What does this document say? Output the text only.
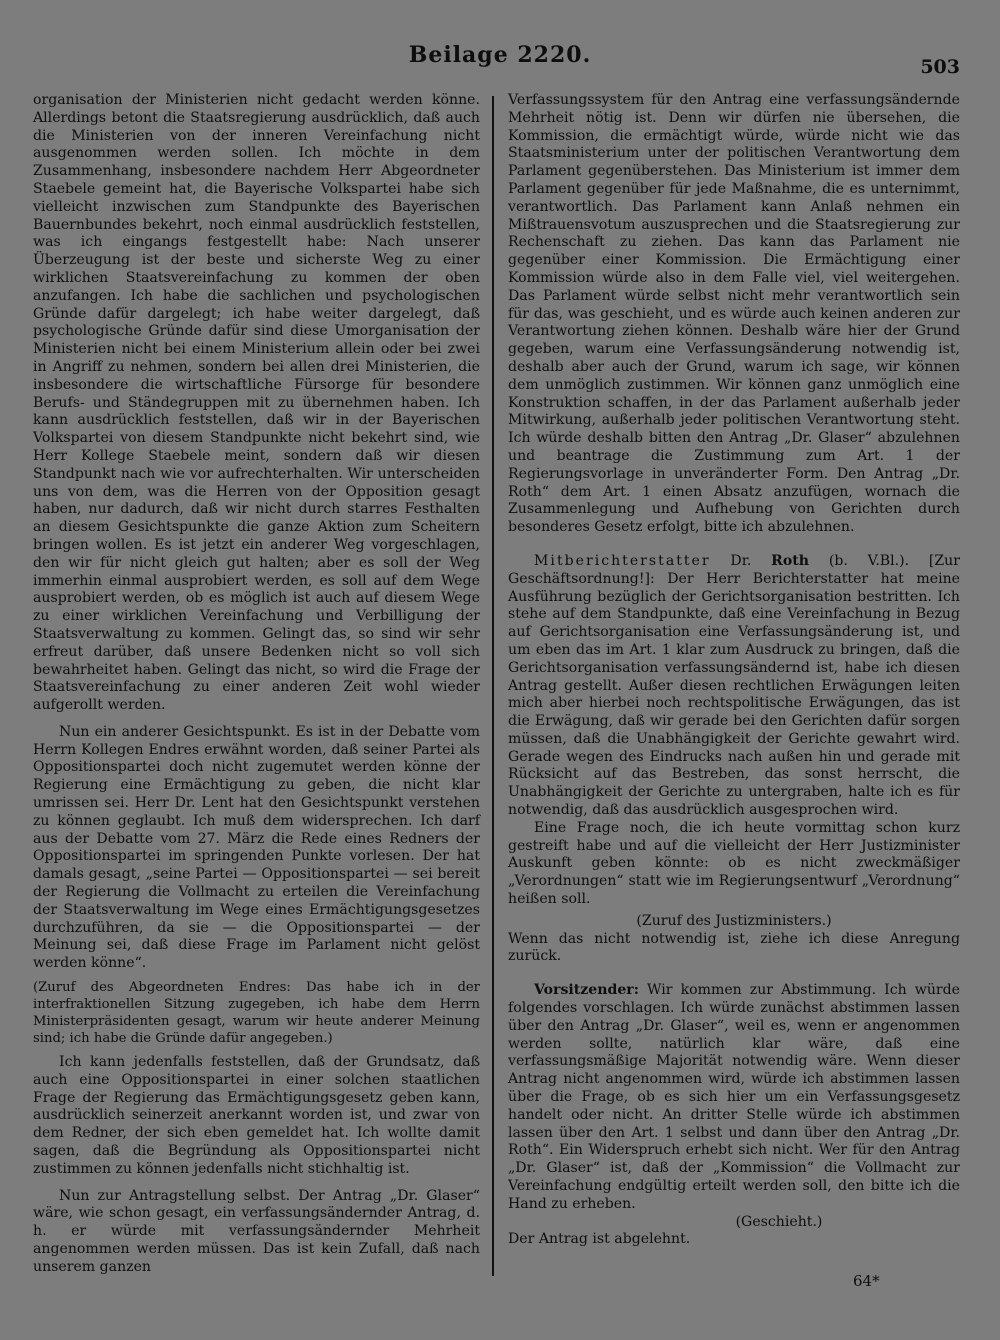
Beilage 2220.	503

organisation der Ministerien nicht gedacht werden könne. Allerdings betont die Staatsregierung ausdrücklich, daß auch die Ministerien von der inneren Vereinfachung nicht ausgenommen werden sollen. Ich möchte in dem Zusammenhang, insbesondere nachdem Herr Abgeordneter Staebele gemeint hat, die Bayerische Volkspartei habe sich vielleicht inzwischen zum Standpunkte des Bayerischen Bauernbundes bekehrt, noch einmal ausdrücklich feststellen, was ich eingangs festgestellt habe: Nach unserer Überzeugung ist der beste und sicherste Weg zu einer wirklichen Staatsvereinfachung zu kommen der oben anzufangen. Ich habe die sachlichen und psychologischen Gründe dafür dargelegt; ich habe weiter dargelegt, daß psychologische Gründe dafür sind diese Umorganisation der Ministerien nicht bei einem Ministerium allein oder bei zwei in Angriff zu nehmen, sondern bei allen drei Ministerien, die insbesondere die wirtschaftliche Fürsorge für besondere Berufs- und Ständegruppen mit zu übernehmen haben. Ich kann ausdrücklich feststellen, daß wir in der Bayerischen Volkspartei von diesem Standpunkte nicht bekehrt sind, wie Herr Kollege Staebele meint, sondern daß wir diesen Standpunkt nach wie vor aufrechterhalten. Wir unterscheiden uns von dem, was die Herren von der Opposition gesagt haben, nur dadurch, daß wir nicht durch starres Festhalten an diesem Gesichtspunkte die ganze Aktion zum Scheitern bringen wollen. Es ist jetzt ein anderer Weg vorgeschlagen, den wir für nicht gleich gut halten; aber es soll der Weg immerhin einmal ausprobiert werden, es soll auf dem Wege ausprobiert werden, ob es möglich ist auch auf diesem Wege zu einer wirklichen Vereinfachung und Verbilligung der Staatsverwaltung zu kommen. Gelingt das, so sind wir sehr erfreut darüber, daß unsere Bedenken nicht so voll sich bewahrheitet haben. Gelingt das nicht, so wird die Frage der Staatsvereinfachung zu einer anderen Zeit wohl wieder aufgerollt werden.

Nun ein anderer Gesichtspunkt. Es ist in der Debatte vom Herrn Kollegen Endres erwähnt worden, daß seiner Partei als Oppositionspartei doch nicht zugemutet werden könne der Regierung eine Ermächtigung zu geben, die nicht klar umrissen sei. Herr Dr. Lent hat den Gesichtspunkt verstehen zu können geglaubt. Ich muß dem widersprechen. Ich darf aus der Debatte vom 27. März die Rede eines Redners der Oppositionspartei im springenden Punkte vorlesen. Der hat damals gesagt, „seine Partei — Oppositionspartei — sei bereit der Regierung die Vollmacht zu erteilen die Vereinfachung der Staatsverwaltung im Wege eines Ermächtigungsgesetzes durchzuführen, da sie — die Oppositionspartei — der Meinung sei, daß diese Frage im Parlament nicht gelöst werden könne“.

(Zuruf des Abgeordneten Endres: Das habe ich in der interfraktionellen Sitzung zugegeben, ich habe dem Herrn Ministerpräsidenten gesagt, warum wir heute anderer Meinung sind; ich habe die Gründe dafür angegeben.)

Ich kann jedenfalls feststellen, daß der Grundsatz, daß auch eine Oppositionspartei in einer solchen staatlichen Frage der Regierung das Ermächtigungsgesetz geben kann, ausdrücklich seinerzeit anerkannt worden ist, und zwar von dem Redner, der sich eben gemeldet hat. Ich wollte damit sagen, daß die Begründung als Oppositionspartei nicht zustimmen zu können jedenfalls nicht stichhaltig ist.

Nun zur Antragstellung selbst. Der Antrag „Dr. Glaser“ wäre, wie schon gesagt, ein verfassungsändernder Antrag, d. h. er würde mit verfassungsändernder Mehrheit angenommen werden müssen. Das ist kein Zufall, daß nach unserem ganzen

Verfassungssystem für den Antrag eine verfassungsändernde Mehrheit nötig ist. Denn wir dürfen nie übersehen, die Kommission, die ermächtigt würde, würde nicht wie das Staatsministerium unter der politischen Verantwortung dem Parlament gegenüberstehen. Das Ministerium ist immer dem Parlament gegenüber für jede Maßnahme, die es unternimmt, verantwortlich. Das Parlament kann Anlaß nehmen ein Mißtrauensvotum auszusprechen und die Staatsregierung zur Rechenschaft zu ziehen. Das kann das Parlament nie gegenüber einer Kommission. Die Ermächtigung einer Kommission würde also in dem Falle viel, viel weitergehen. Das Parlament würde selbst nicht mehr verantwortlich sein für das, was geschieht, und es würde auch keinen anderen zur Verantwortung ziehen können. Deshalb wäre hier der Grund gegeben, warum eine Verfassungsänderung notwendig ist, deshalb aber auch der Grund, warum ich sage, wir können dem unmöglich zustimmen. Wir können ganz unmöglich eine Konstruktion schaffen, in der das Parlament außerhalb jeder Mitwirkung, außerhalb jeder politischen Verantwortung steht. Ich würde deshalb bitten den Antrag „Dr. Glaser“ abzulehnen und beantrage die Zustimmung zum Art. 1 der Regierungsvorlage in unveränderter Form. Den Antrag „Dr. Roth“ dem Art. 1 einen Absatz anzufügen, wornach die Zusammenlegung und Aufhebung von Gerichten durch besonderes Gesetz erfolgt, bitte ich abzulehnen.

Mitberichterstatter Dr. Roth (b. V.Bl.). [Zur Geschäftsordnung!]: Der Herr Berichterstatter hat meine Ausführung bezüglich der Gerichtsorganisation bestritten. Ich stehe auf dem Standpunkte, daß eine Vereinfachung in Bezug auf Gerichtsorganisation eine Verfassungsänderung ist, und um eben das im Art. 1 klar zum Ausdruck zu bringen, daß die Gerichtsorganisation verfassungsändernd ist, habe ich diesen Antrag gestellt. Außer diesen rechtlichen Erwägungen leiten mich aber hierbei noch rechtspolitische Erwägungen, das ist die Erwägung, daß wir gerade bei den Gerichten dafür sorgen müssen, daß die Unabhängigkeit der Gerichte gewahrt wird. Gerade wegen des Eindrucks nach außen hin und gerade mit Rücksicht auf das Bestreben, das sonst herrscht, die Unabhängigkeit der Gerichte zu untergraben, halte ich es für notwendig, daß das ausdrücklich ausgesprochen wird.

Eine Frage noch, die ich heute vormittag schon kurz gestreift habe und auf die vielleicht der Herr Justizminister Auskunft geben könnte: ob es nicht zweckmäßiger „Verordnungen“ statt wie im Regierungsentwurf „Verordnung“ heißen soll.

(Zuruf des Justizministers.)

Wenn das nicht notwendig ist, ziehe ich diese Anregung zurück.

Vorsitzender: Wir kommen zur Abstimmung. Ich würde folgendes vorschlagen. Ich würde zunächst abstimmen lassen über den Antrag „Dr. Glaser“, weil es, wenn er angenommen werden sollte, natürlich klar wäre, daß eine verfassungsmäßige Majorität notwendig wäre. Wenn dieser Antrag nicht angenommen wird, würde ich abstimmen lassen über die Frage, ob es sich hier um ein Verfassungsgesetz handelt oder nicht. An dritter Stelle würde ich abstimmen lassen über den Art. 1 selbst und dann über den Antrag „Dr. Roth“. Ein Widerspruch erhebt sich nicht. Wer für den Antrag „Dr. Glaser“ ist, daß der „Kommission“ die Vollmacht zur Vereinfachung endgültig erteilt werden soll, den bitte ich die Hand zu erheben.

(Geschieht.)

Der Antrag ist abgelehnt.

64*
